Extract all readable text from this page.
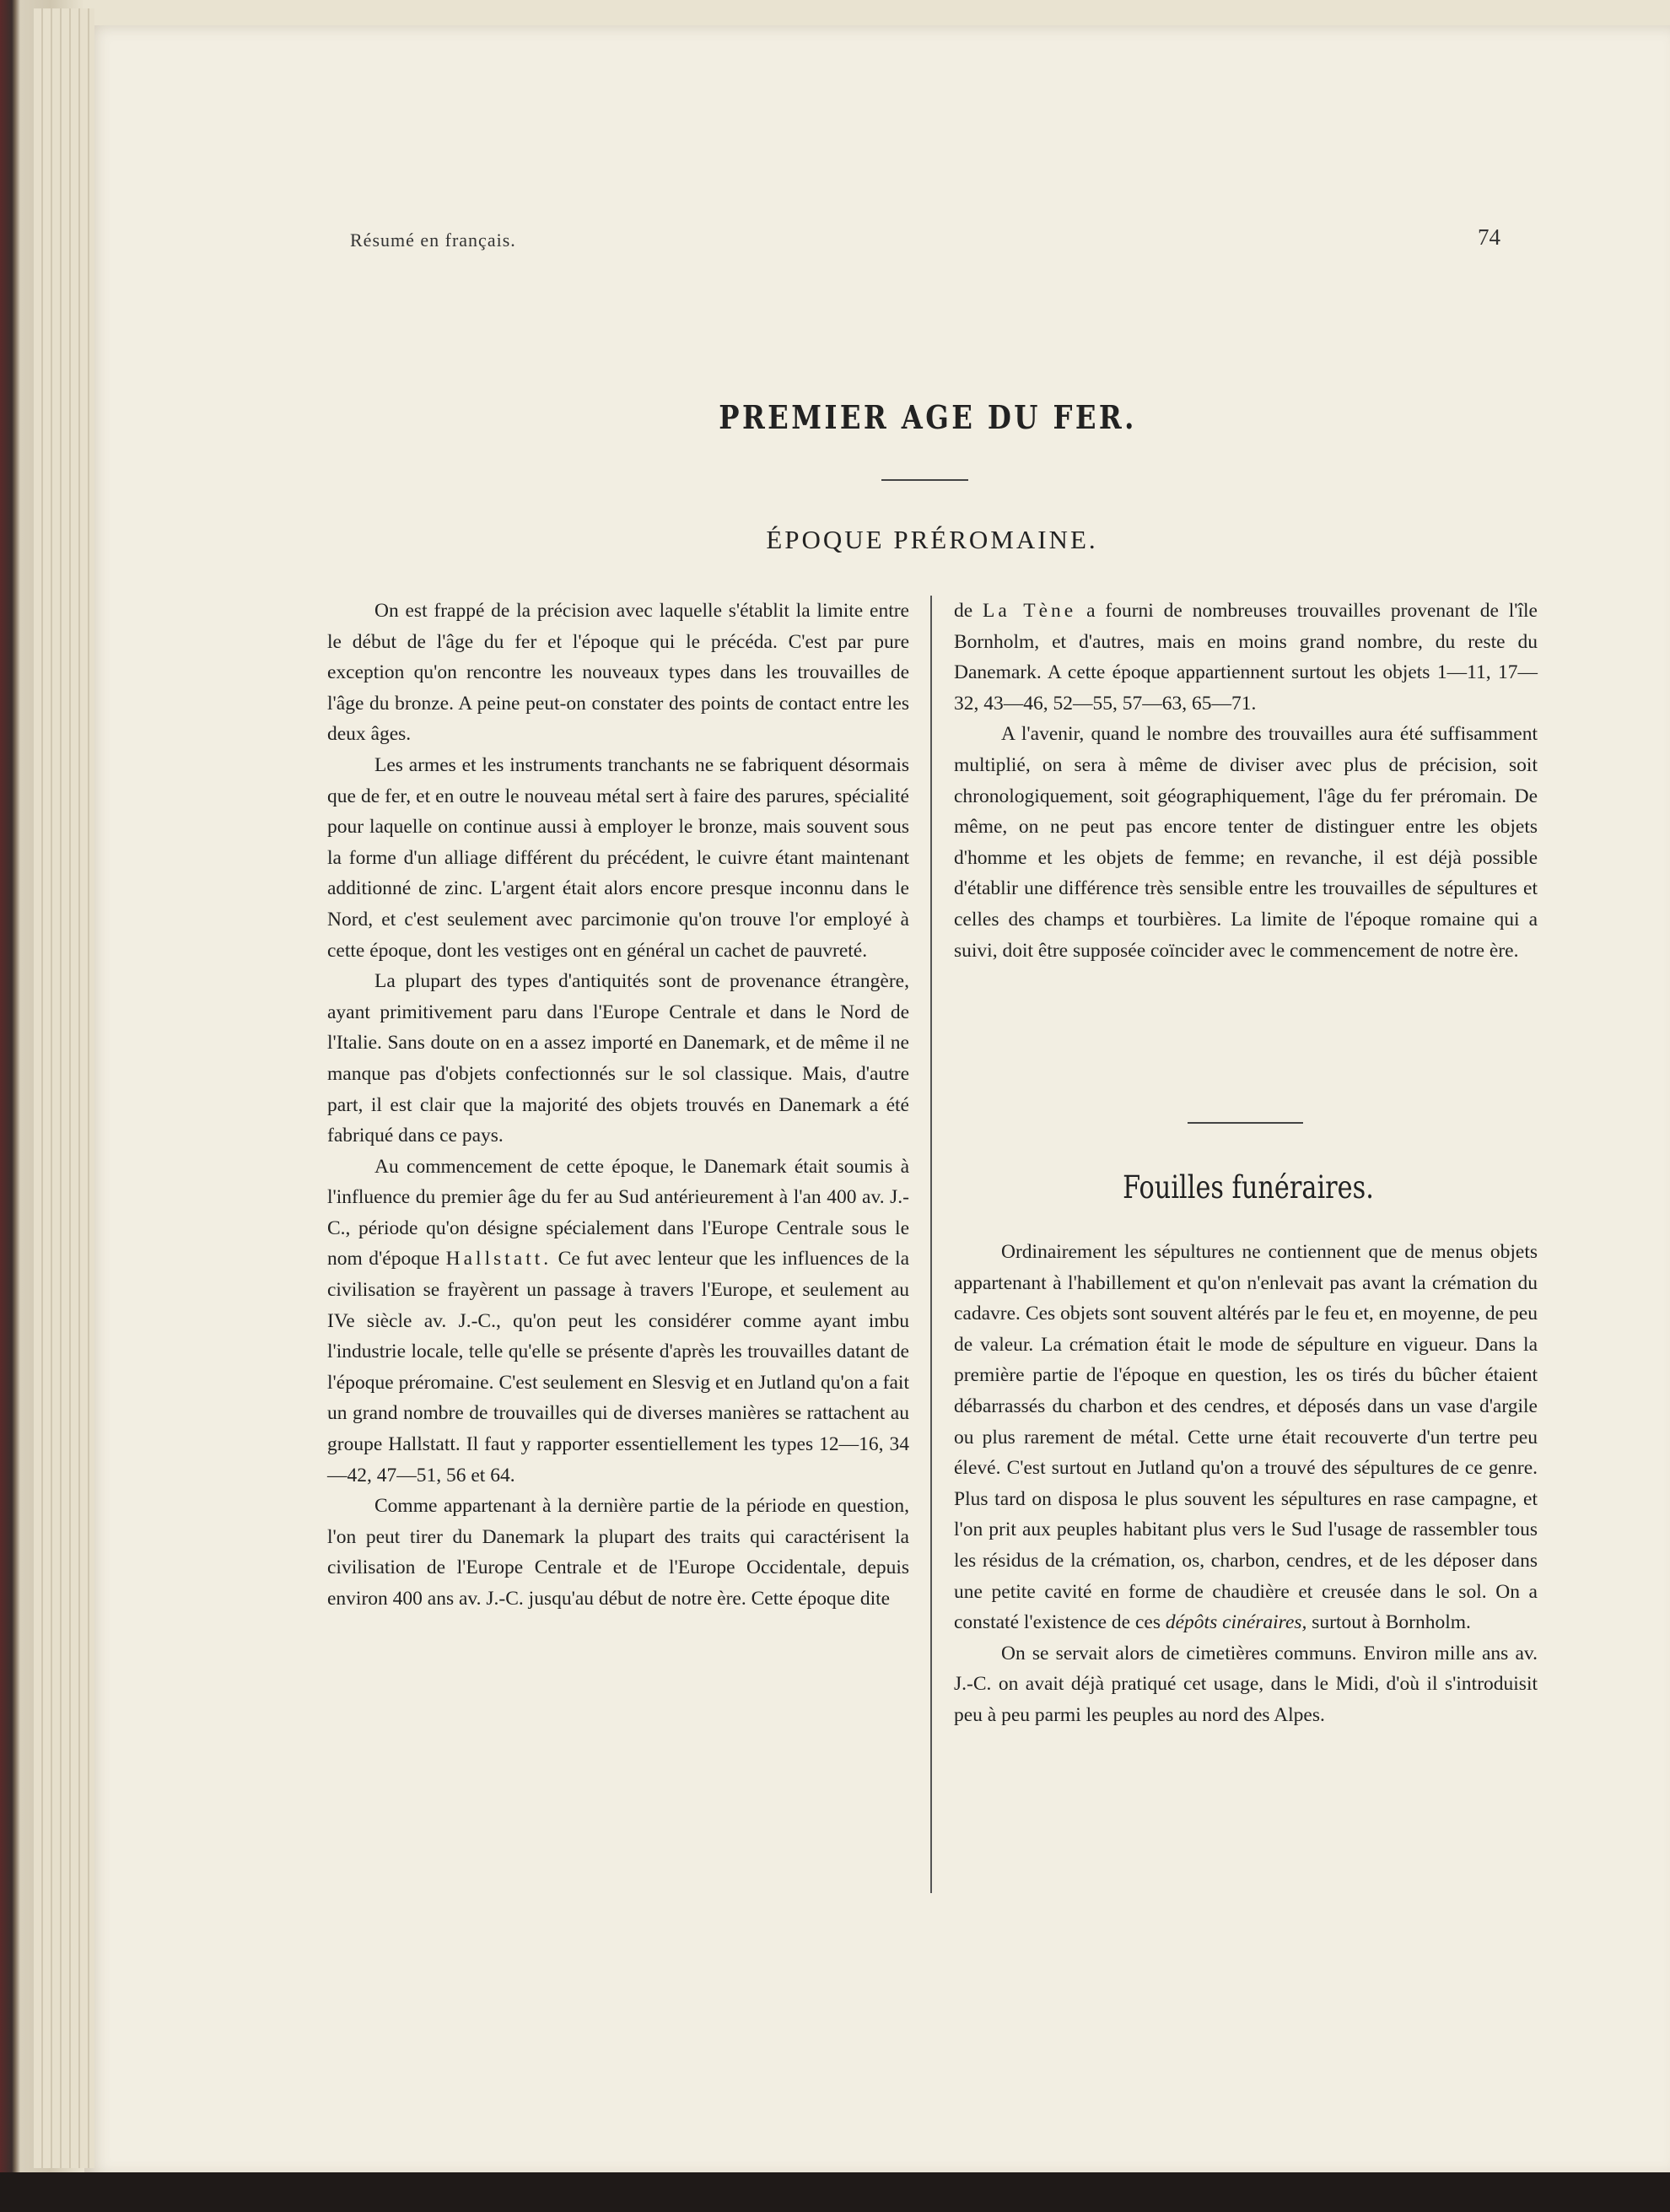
Résumé en français.	74
PREMIER AGE DU FER.
ÉPOQUE PRÉROMAINE.

On est frappé de la précision avec laquelle s'établit la limite entre le début de l'âge du fer et l'époque qui le précéda. C'est par pure exception qu'on rencontre les nouveaux types dans les trouvailles de l'âge du bronze. A peine peut-on constater des points de contact entre les deux âges.

Les armes et les instruments tranchants ne se fabriquent désormais que de fer, et en outre le nouveau métal sert à faire des parures, spécialité pour laquelle on continue aussi à employer le bronze, mais souvent sous la forme d'un alliage différent du précédent, le cuivre étant maintenant additionné de zinc. L'argent était alors encore presque inconnu dans le Nord, et c'est seulement avec parcimonie qu'on trouve l'or employé à cette époque, dont les vestiges ont en général un cachet de pauvreté.

La plupart des types d'antiquités sont de provenance étrangère, ayant primitivement paru dans l'Europe Centrale et dans le Nord de l'Italie. Sans doute on en a assez importé en Danemark, et de même il ne manque pas d'objets confectionnés sur le sol classique. Mais, d'autre part, il est clair que la majorité des objets trouvés en Danemark a été fabriqué dans ce pays.

Au commencement de cette époque, le Danemark était soumis à l'influence du premier âge du fer au Sud antérieurement à l'an 400 av. J.-C., période qu'on désigne spécialement dans l'Europe Centrale sous le nom d'époque Hallstatt. Ce fut avec lenteur que les influences de la civilisation se frayèrent un passage à travers l'Europe, et seulement au IVe siècle av. J.-C., qu'on peut les considérer comme ayant imbu l'industrie locale, telle qu'elle se présente d'après les trouvailles datant de l'époque préromaine. C'est seulement en Slesvig et en Jutland qu'on a fait un grand nombre de trouvailles qui de diverses manières se rattachent au groupe Hallstatt. Il faut y rapporter essentiellement les types 12—16, 34—42, 47—51, 56 et 64.

Comme appartenant à la dernière partie de la période en question, l'on peut tirer du Danemark la plupart des traits qui caractérisent la civilisation de l'Europe Centrale et de l'Europe Occidentale, depuis environ 400 ans av. J.-C. jusqu'au début de notre ère. Cette époque dite

de La Tène a fourni de nombreuses trouvailles provenant de l'île Bornholm, et d'autres, mais en moins grand nombre, du reste du Danemark. A cette époque appartiennent surtout les objets 1—11, 17—32, 43—46, 52—55, 57—63, 65—71.

A l'avenir, quand le nombre des trouvailles aura été suffisamment multiplié, on sera à même de diviser avec plus de précision, soit chronologiquement, soit géographiquement, l'âge du fer préromain. De même, on ne peut pas encore tenter de distinguer entre les objets d'homme et les objets de femme; en revanche, il est déjà possible d'établir une différence très sensible entre les trouvailles de sépultures et celles des champs et tourbières. La limite de l'époque romaine qui a suivi, doit être supposée coïncider avec le commencement de notre ère.

Fouilles funéraires.

Ordinairement les sépultures ne contiennent que de menus objets appartenant à l'habillement et qu'on n'enlevait pas avant la crémation du cadavre. Ces objets sont souvent altérés par le feu et, en moyenne, de peu de valeur. La crémation était le mode de sépulture en vigueur. Dans la première partie de l'époque en question, les os tirés du bûcher étaient débarrassés du charbon et des cendres, et déposés dans un vase d'argile ou plus rarement de métal. Cette urne était recouverte d'un tertre peu élevé. C'est surtout en Jutland qu'on a trouvé des sépultures de ce genre. Plus tard on disposa le plus souvent les sépultures en rase campagne, et l'on prit aux peuples habitant plus vers le Sud l'usage de rassembler tous les résidus de la crémation, os, charbon, cendres, et de les déposer dans une petite cavité en forme de chaudière et creusée dans le sol. On a constaté l'existence de ces dépôts cinéraires, surtout à Bornholm.

On se servait alors de cimetières communs. Environ mille ans av. J.-C. on avait déjà pratiqué cet usage, dans le Midi, d'où il s'introduisit peu à peu parmi les peuples au nord des Alpes.
